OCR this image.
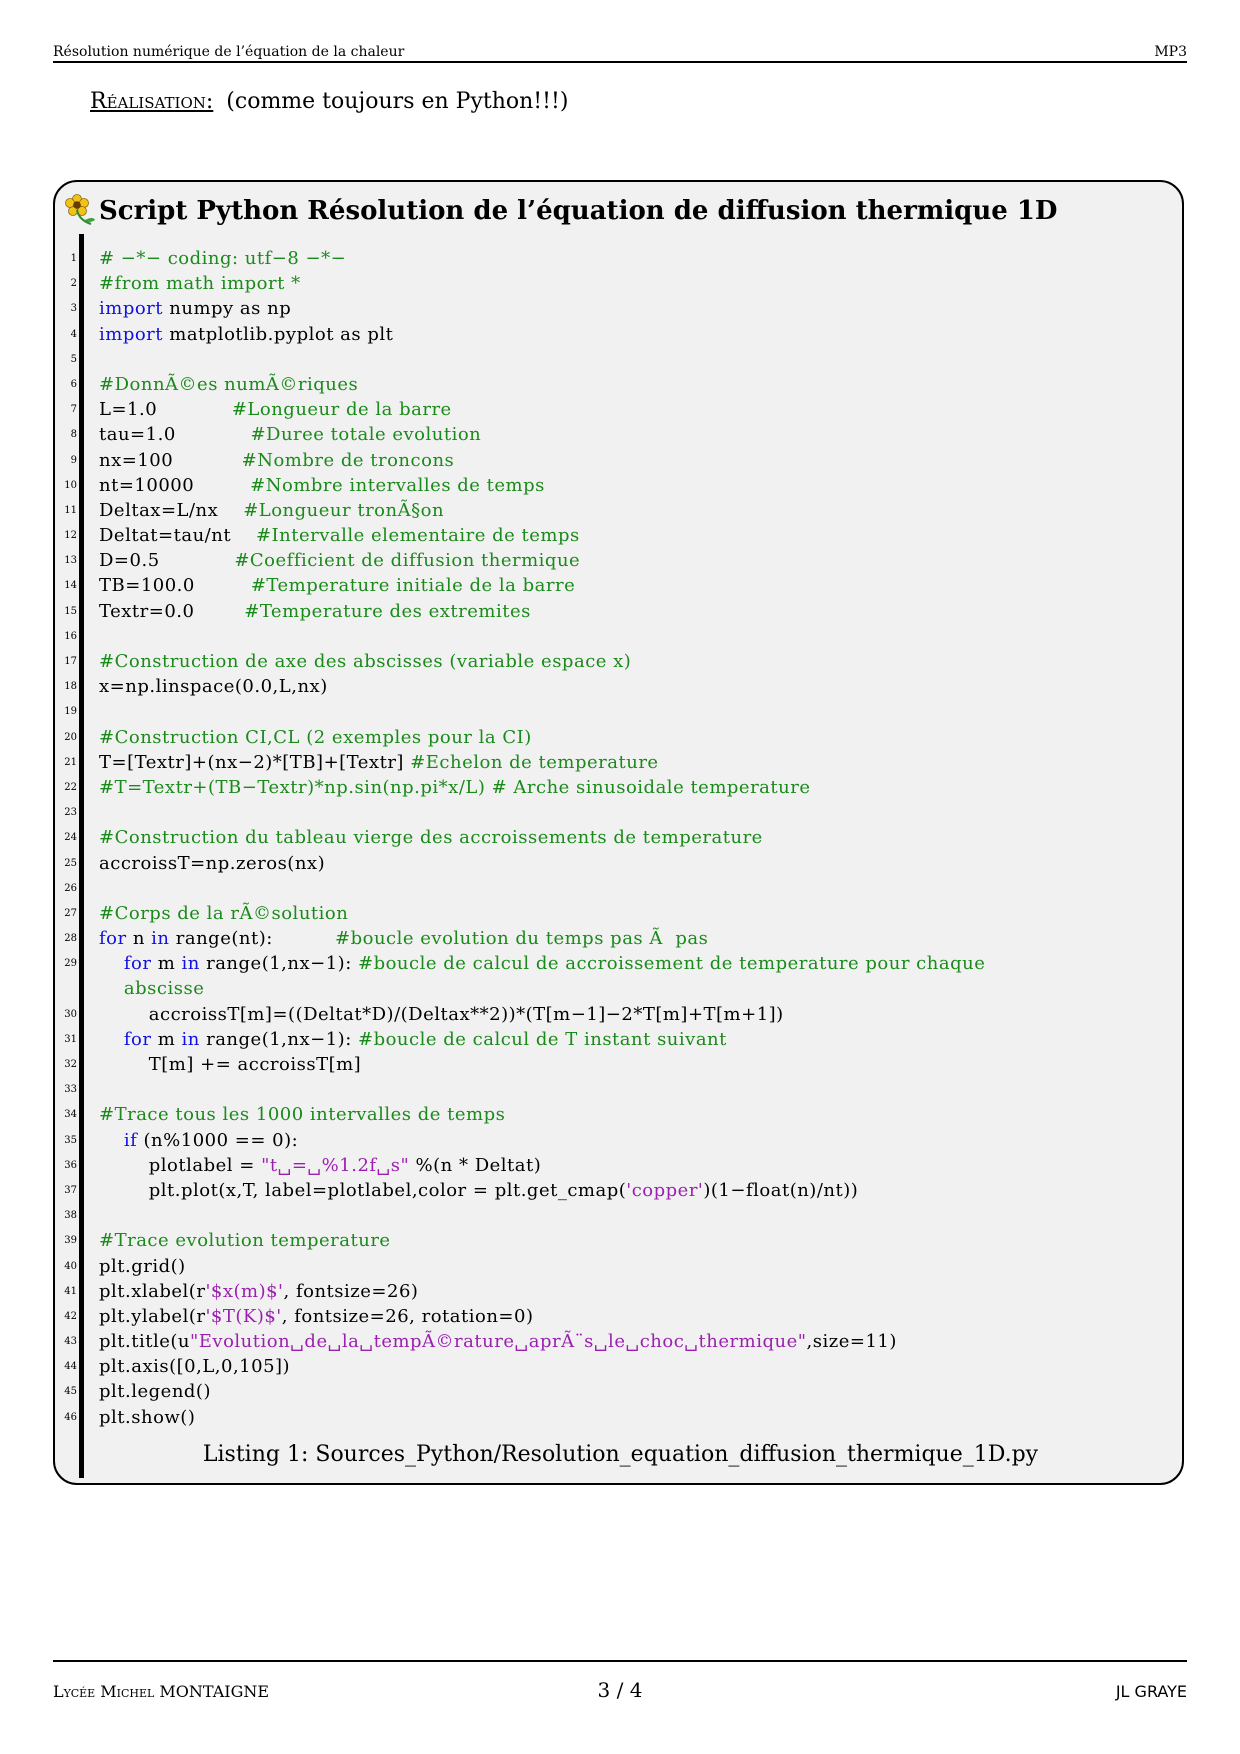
Résolution numérique de l’équation de la chaleur	MP3
Réalisation: (comme toujours en Python!!!)
Script Python Résolution de l’équation de diffusion thermique 1D
1 # −*− coding: utf−8 −*−
2 #from math import *
3 import numpy as np
4 import matplotlib.pyplot as plt
5
6 #DonnÃ©es numÃ©riques
7 L=1.0            #Longueur de la barre
8 tau=1.0            #Duree totale evolution
9 nx=100           #Nombre de troncons
10 nt=10000         #Nombre intervalles de temps
11 Deltax=L/nx    #Longueur tronÃ§on
12 Deltat=tau/nt    #Intervalle elementaire de temps
13 D=0.5            #Coefficient de diffusion thermique
14 TB=100.0         #Temperature initiale de la barre
15 Textr=0.0        #Temperature des extremites
16
17 #Construction de axe des abscisses (variable espace x)
18 x=np.linspace(0.0,L,nx)
19
20 #Construction CI,CL (2 exemples pour la CI)
21 T=[Textr]+(nx−2)*[TB]+[Textr] #Echelon de temperature
22 #T=Textr+(TB−Textr)*np.sin(np.pi*x/L) # Arche sinusoidale temperature
23
24 #Construction du tableau vierge des accroissements de temperature
25 accroissT=np.zeros(nx)
26
27 #Corps de la rÃ©solution
28 for n in range(nt):          #boucle evolution du temps pas Ã  pas
29	for m in range(1,nx−1): #boucle de calcul de accroissement de temperature pour chaque
abscisse
30 accroissT[m]=((Deltat*D)/(Deltax**2))*(T[m−1]−2*T[m]+T[m+1])
31	for m in range(1,nx−1): #boucle de calcul de T instant suivant
32 T[m] += accroissT[m]
33
34 #Trace tous les 1000 intervalles de temps
35	if (n%1000 == 0):
36 plotlabel = "t␣=␣%1.2f␣s" %(n * Deltat)
37 plt.plot(x,T, label=plotlabel,color = plt.get_cmap('copper')(1−float(n)/nt))
38
39 #Trace evolution temperature
40 plt.grid()
41 plt.xlabel(r'$x(m)$', fontsize=26)
42 plt.ylabel(r'$T(K)$', fontsize=26, rotation=0)
43 plt.title(u"Evolution␣de␣la␣tempÃ©rature␣aprÃ¨s␣le␣choc␣thermique",size=11)
44 plt.axis([0,L,0,105])
45 plt.legend()
46 plt.show()
Listing 1: Sources_Python/Resolution_equation_diffusion_thermique_1D.py
Lycée Michel MONTAIGNE	3 / 4	JL GRAYE
